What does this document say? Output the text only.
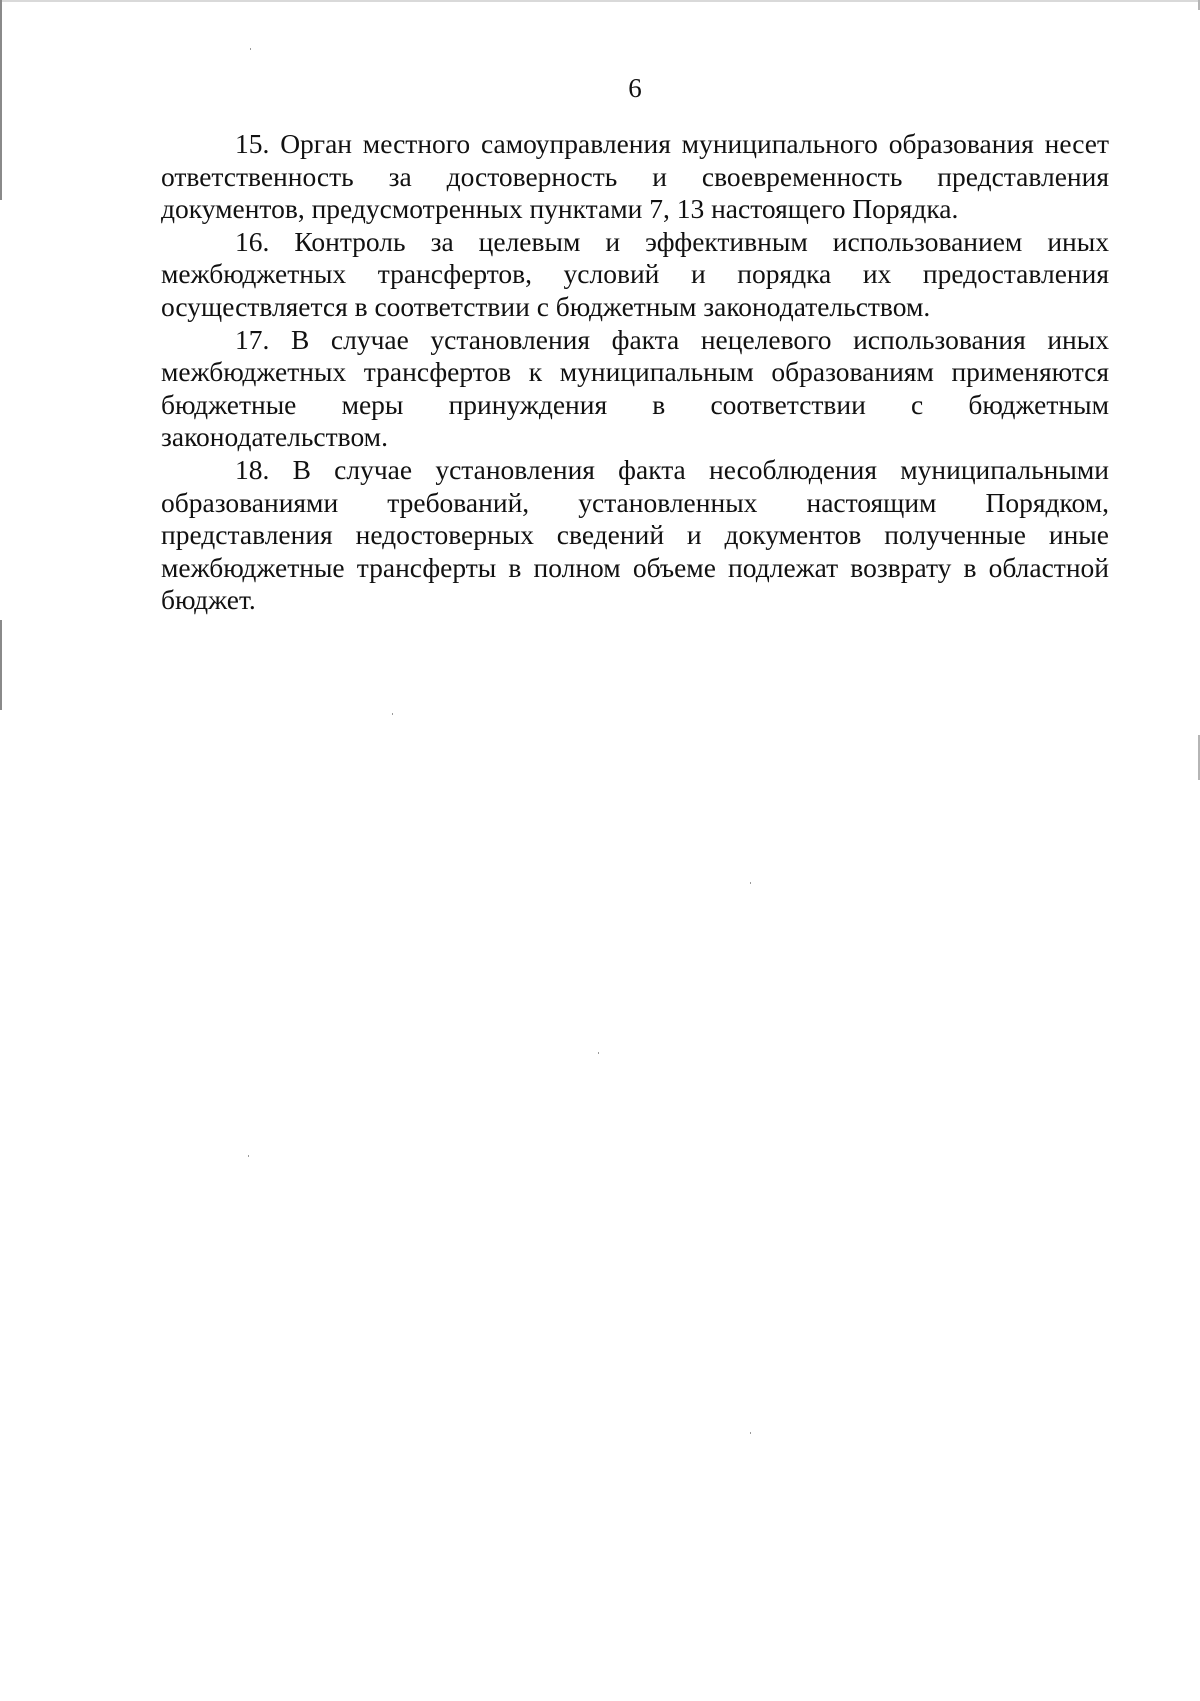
6

15. Орган местного самоуправления муниципального образования несет ответственность за достоверность и своевременность представления документов, предусмотренных пунктами 7, 13 настоящего Порядка.

16. Контроль за целевым и эффективным использованием иных межбюджетных трансфертов, условий и порядка их предоставления осуществляется в соответствии с бюджетным законодательством.

17. В случае установления факта нецелевого использования иных межбюджетных трансфертов к муниципальным образованиям применяются бюджетные меры принуждения в соответствии с бюджетным законодательством.

18. В случае установления факта несоблюдения муниципальными образованиями требований, установленных настоящим Порядком, представления недостоверных сведений и документов полученные иные межбюджетные трансферты в полном объеме подлежат возврату в областной бюджет.
